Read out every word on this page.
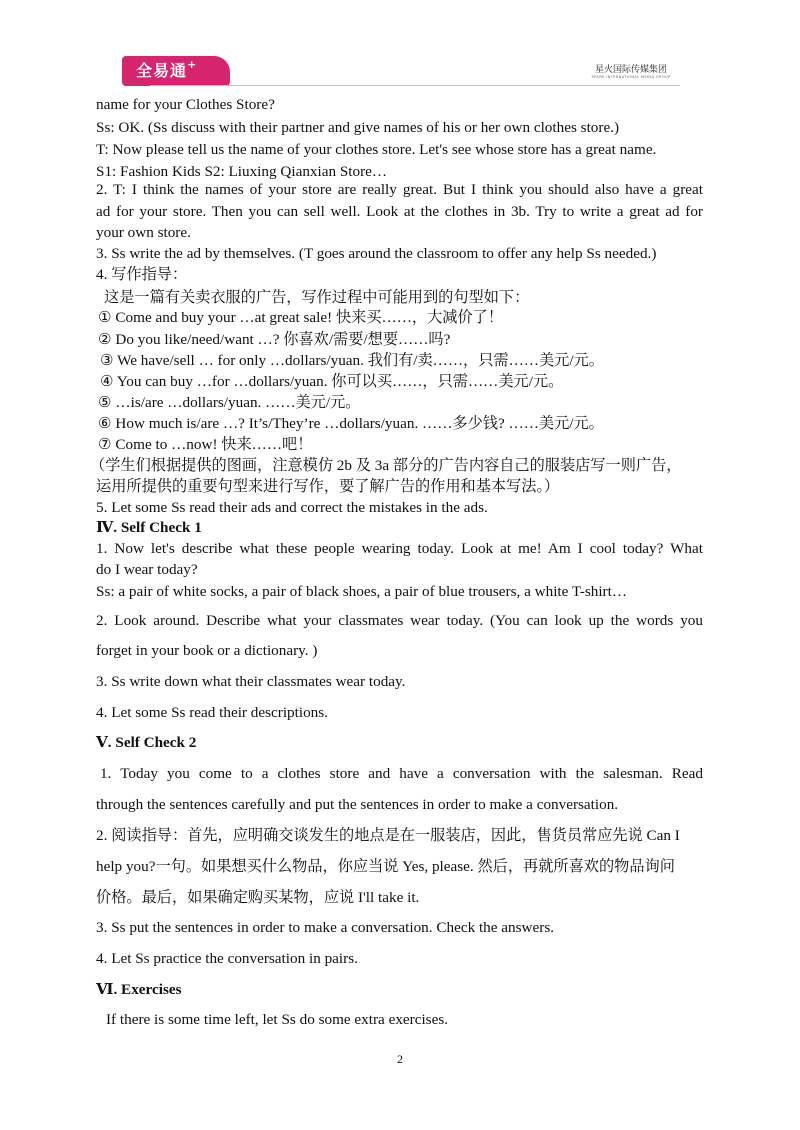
全易通+	星火国际传媒集团
SPARK INTERNATIONAL MEDIA GROUP
name for your Clothes Store?
Ss: OK. (Ss discuss with their partner and give names of his or her own clothes store.)
T: Now please tell us the name of your clothes store. Let's see whose store has a great name.
S1: Fashion Kids S2: Liuxing Qianxian Store…
2. T: I think the names of your store are really great. But I think you should also have a great
ad for your store. Then you can sell well. Look at the clothes in 3b. Try to write a great ad for
your own store.
3. Ss write the ad by themselves. (T goes around the classroom to offer any help Ss needed.)
4. 写作指导：
这是一篇有关卖衣服的广告，写作过程中可能用到的句型如下：
① Come and buy your …at great sale! 快来买……，大减价了！
② Do you like/need/want …? 你喜欢/需要/想要……吗?
③ We have/sell … for only …dollars/yuan. 我们有/卖……，只需……美元/元。
④ You can buy …for …dollars/yuan. 你可以买……，只需……美元/元。
⑤ …is/are …dollars/yuan. ……美元/元。
⑥ How much is/are …? It’s/They’re …dollars/yuan. ……多少钱? ……美元/元。
⑦ Come to …now! 快来……吧！
（学生们根据提供的图画，注意模仿 2b 及 3a 部分的广告内容自己的服装店写一则广告，
运用所提供的重要句型来进行写作，要了解广告的作用和基本写法。）
5. Let some Ss read their ads and correct the mistakes in the ads.
Ⅳ. Self Check 1
1. Now let's describe what these people wearing today. Look at me! Am I cool today? What
do I wear today?
Ss: a pair of white socks, a pair of black shoes, a pair of blue trousers, a white T-shirt…
2. Look around. Describe what your classmates wear today. (You can look up the words you
forget in your book or a dictionary. )
3. Ss write down what their classmates wear today.
4. Let some Ss read their descriptions.
Ⅴ. Self Check 2
1. Today you come to a clothes store and have a conversation with the salesman. Read
through the sentences carefully and put the sentences in order to make a conversation.
2. 阅读指导：首先，应明确交谈发生的地点是在一服装店，因此，售货员常应先说 Can I
help you?一句。如果想买什么物品，你应当说 Yes, please. 然后，再就所喜欢的物品询问
价格。最后，如果确定购买某物，应说 I'll take it.
3. Ss put the sentences in order to make a conversation. Check the answers.
4. Let Ss practice the conversation in pairs.
Ⅵ. Exercises
If there is some time left, let Ss do some extra exercises.
2
